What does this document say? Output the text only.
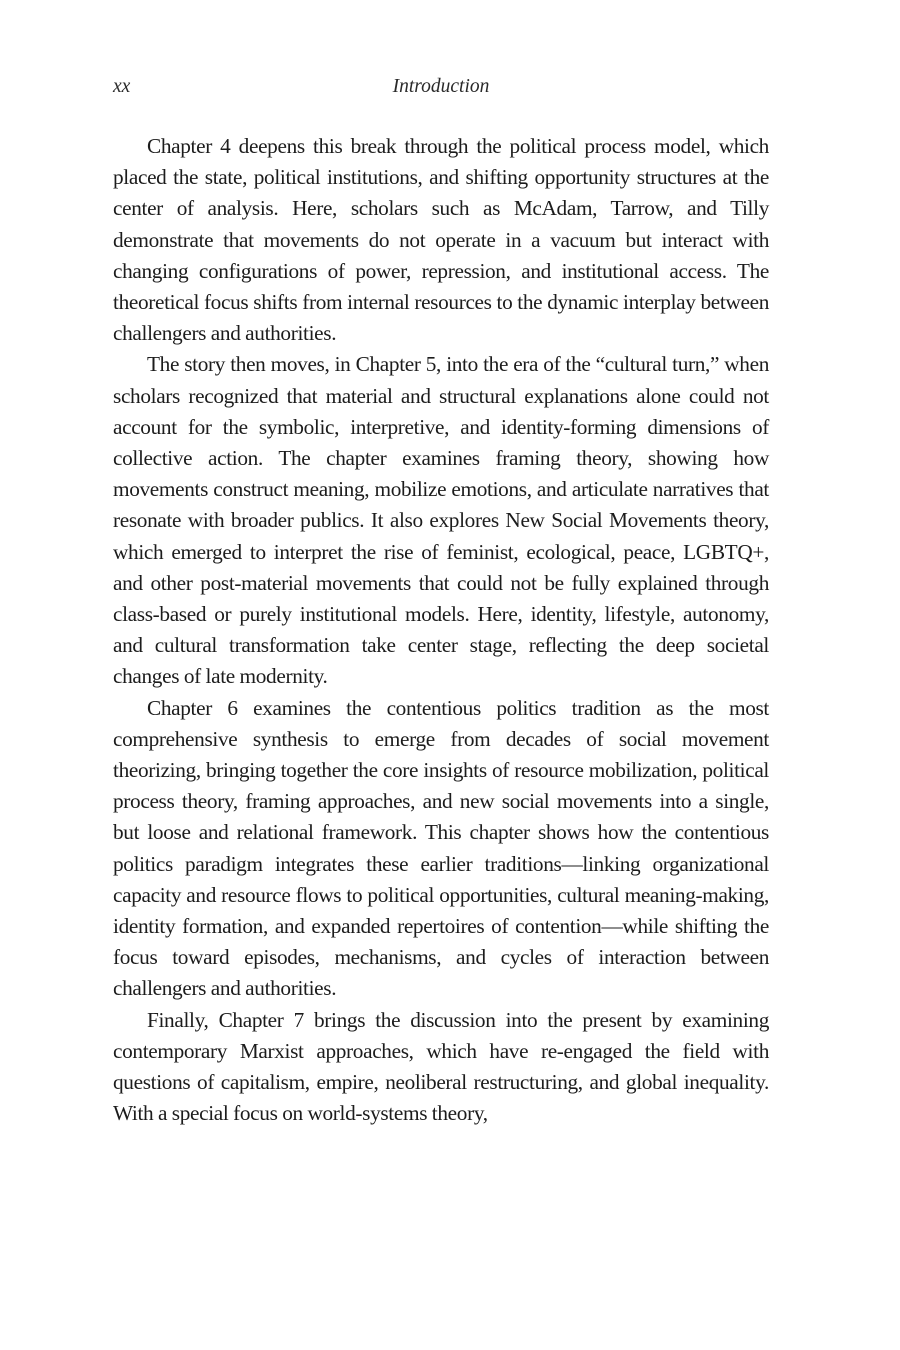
xx	Introduction

Chapter 4 deepens this break through the political process model, which placed the state, political institutions, and shifting opportunity structures at the center of analysis. Here, scholars such as McAdam, Tarrow, and Tilly demonstrate that movements do not operate in a vacuum but interact with changing configurations of power, repression, and institutional access. The theoretical focus shifts from internal resources to the dynamic interplay between challengers and authorities.

The story then moves, in Chapter 5, into the era of the “cultural turn,” when scholars recognized that material and structural explanations alone could not account for the symbolic, interpretive, and identity-forming dimensions of collective action. The chapter examines framing theory, showing how movements construct meaning, mobilize emotions, and articulate narratives that resonate with broader publics. It also explores New Social Movements theory, which emerged to interpret the rise of feminist, ecological, peace, LGBTQ+, and other post-material movements that could not be fully explained through class-based or purely institutional models. Here, identity, lifestyle, autonomy, and cultural transformation take center stage, reflecting the deep societal changes of late modernity.

Chapter 6 examines the contentious politics tradition as the most comprehensive synthesis to emerge from decades of social movement theorizing, bringing together the core insights of resource mobilization, political process theory, framing approaches, and new social movements into a single, but loose and relational framework. This chapter shows how the contentious politics paradigm integrates these earlier traditions—linking organizational capacity and resource flows to political opportunities, cultural meaning-making, identity formation, and expanded repertoires of contention—while shifting the focus toward episodes, mechanisms, and cycles of interaction between challengers and authorities.

Finally, Chapter 7 brings the discussion into the present by examining contemporary Marxist approaches, which have re-engaged the field with questions of capitalism, empire, neoliberal restructuring, and global inequality. With a special focus on world-systems theory,
